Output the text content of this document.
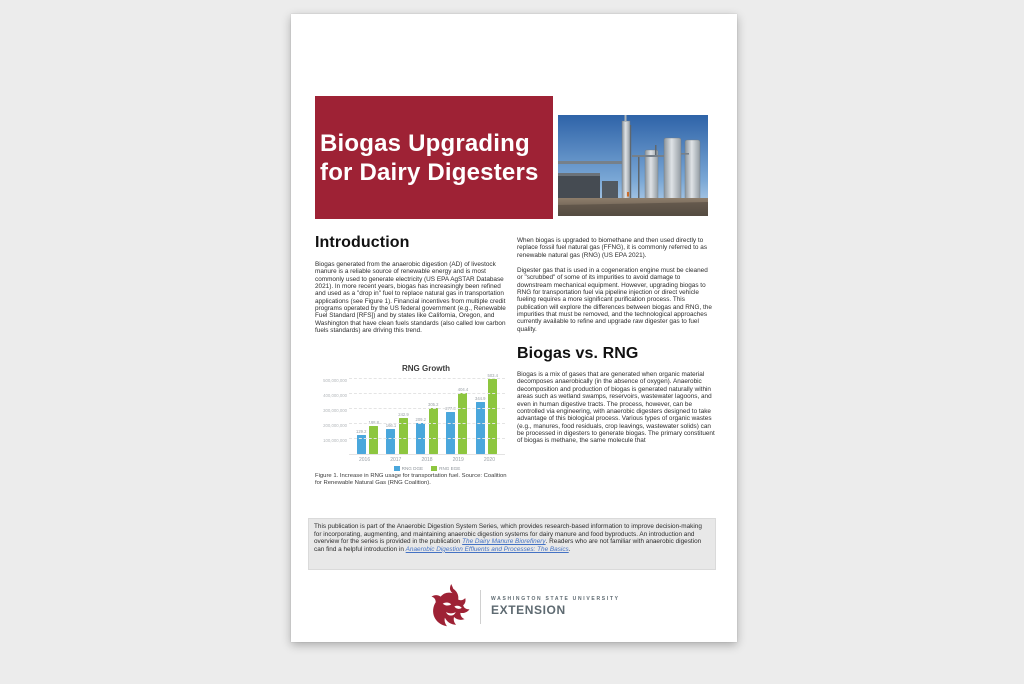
Biogas Upgrading
for Dairy Digesters
Introduction
Biogas generated from the anaerobic digestion (AD) of livestock manure is a reliable source of renewable energy and is most commonly used to generate electricity (US EPA AgSTAR Database 2021). In more recent years, biogas has increasingly been refined and used as a "drop in" fuel to replace natural gas in transportation applications (see Figure 1). Financial incentives from multiple credit programs operated by the US federal government (e.g., Renewable Fuel Standard [RFS]) and by states like California, Oregon, and Washington that have clean fuels standards (also called low carbon fuels standards) are driving this trend.
RNG Growth
500,000,000
400,000,000
300,000,000
200,000,000
100,000,000
129.2
188.8
166.1
242.9
209.2
305.2
277.0
404.4
344.9
503.4
2016	2017	2018	2019	2020
RNG DGE	RNG EGE
Figure 1. Increase in RNG usage for transportation fuel. Source: Coalition for Renewable Natural Gas (RNG Coalition).
When biogas is upgraded to biomethane and then used directly to replace fossil fuel natural gas (FFNG), it is commonly referred to as renewable natural gas (RNG) (US EPA 2021).
Digester gas that is used in a cogeneration engine must be cleaned or "scrubbed" of some of its impurities to avoid damage to downstream mechanical equipment. However, upgrading biogas to RNG for transportation fuel via pipeline injection or direct vehicle fueling requires a more significant purification process. This publication will explore the differences between biogas and RNG, the impurities that must be removed, and the technological approaches currently available to refine and upgrade raw digester gas to fuel quality.
Biogas vs. RNG
Biogas is a mix of gases that are generated when organic material decomposes anaerobically (in the absence of oxygen). Anaerobic decomposition and production of biogas is generated naturally within areas such as wetland swamps, reservoirs, wastewater lagoons, and even in human digestive tracts. The process, however, can be controlled via engineering, with anaerobic digesters designed to take advantage of this biological process. Various types of organic wastes (e.g., manures, food residuals, crop leavings, wastewater solids) can be processed in digesters to generate biogas. The primary constituent of biogas is methane, the same molecule that
This publication is part of the Anaerobic Digestion System Series, which provides research-based information to improve decision-making for incorporating, augmenting, and maintaining anaerobic digestion systems for dairy manure and food byproducts. An introduction and overview for the series is provided in the publication The Dairy Manure Biorefinery. Readers who are not familiar with anaerobic digestion can find a helpful introduction in Anaerobic Digestion Effluents and Processes: The Basics.
WASHINGTON STATE UNIVERSITY
EXTENSION
